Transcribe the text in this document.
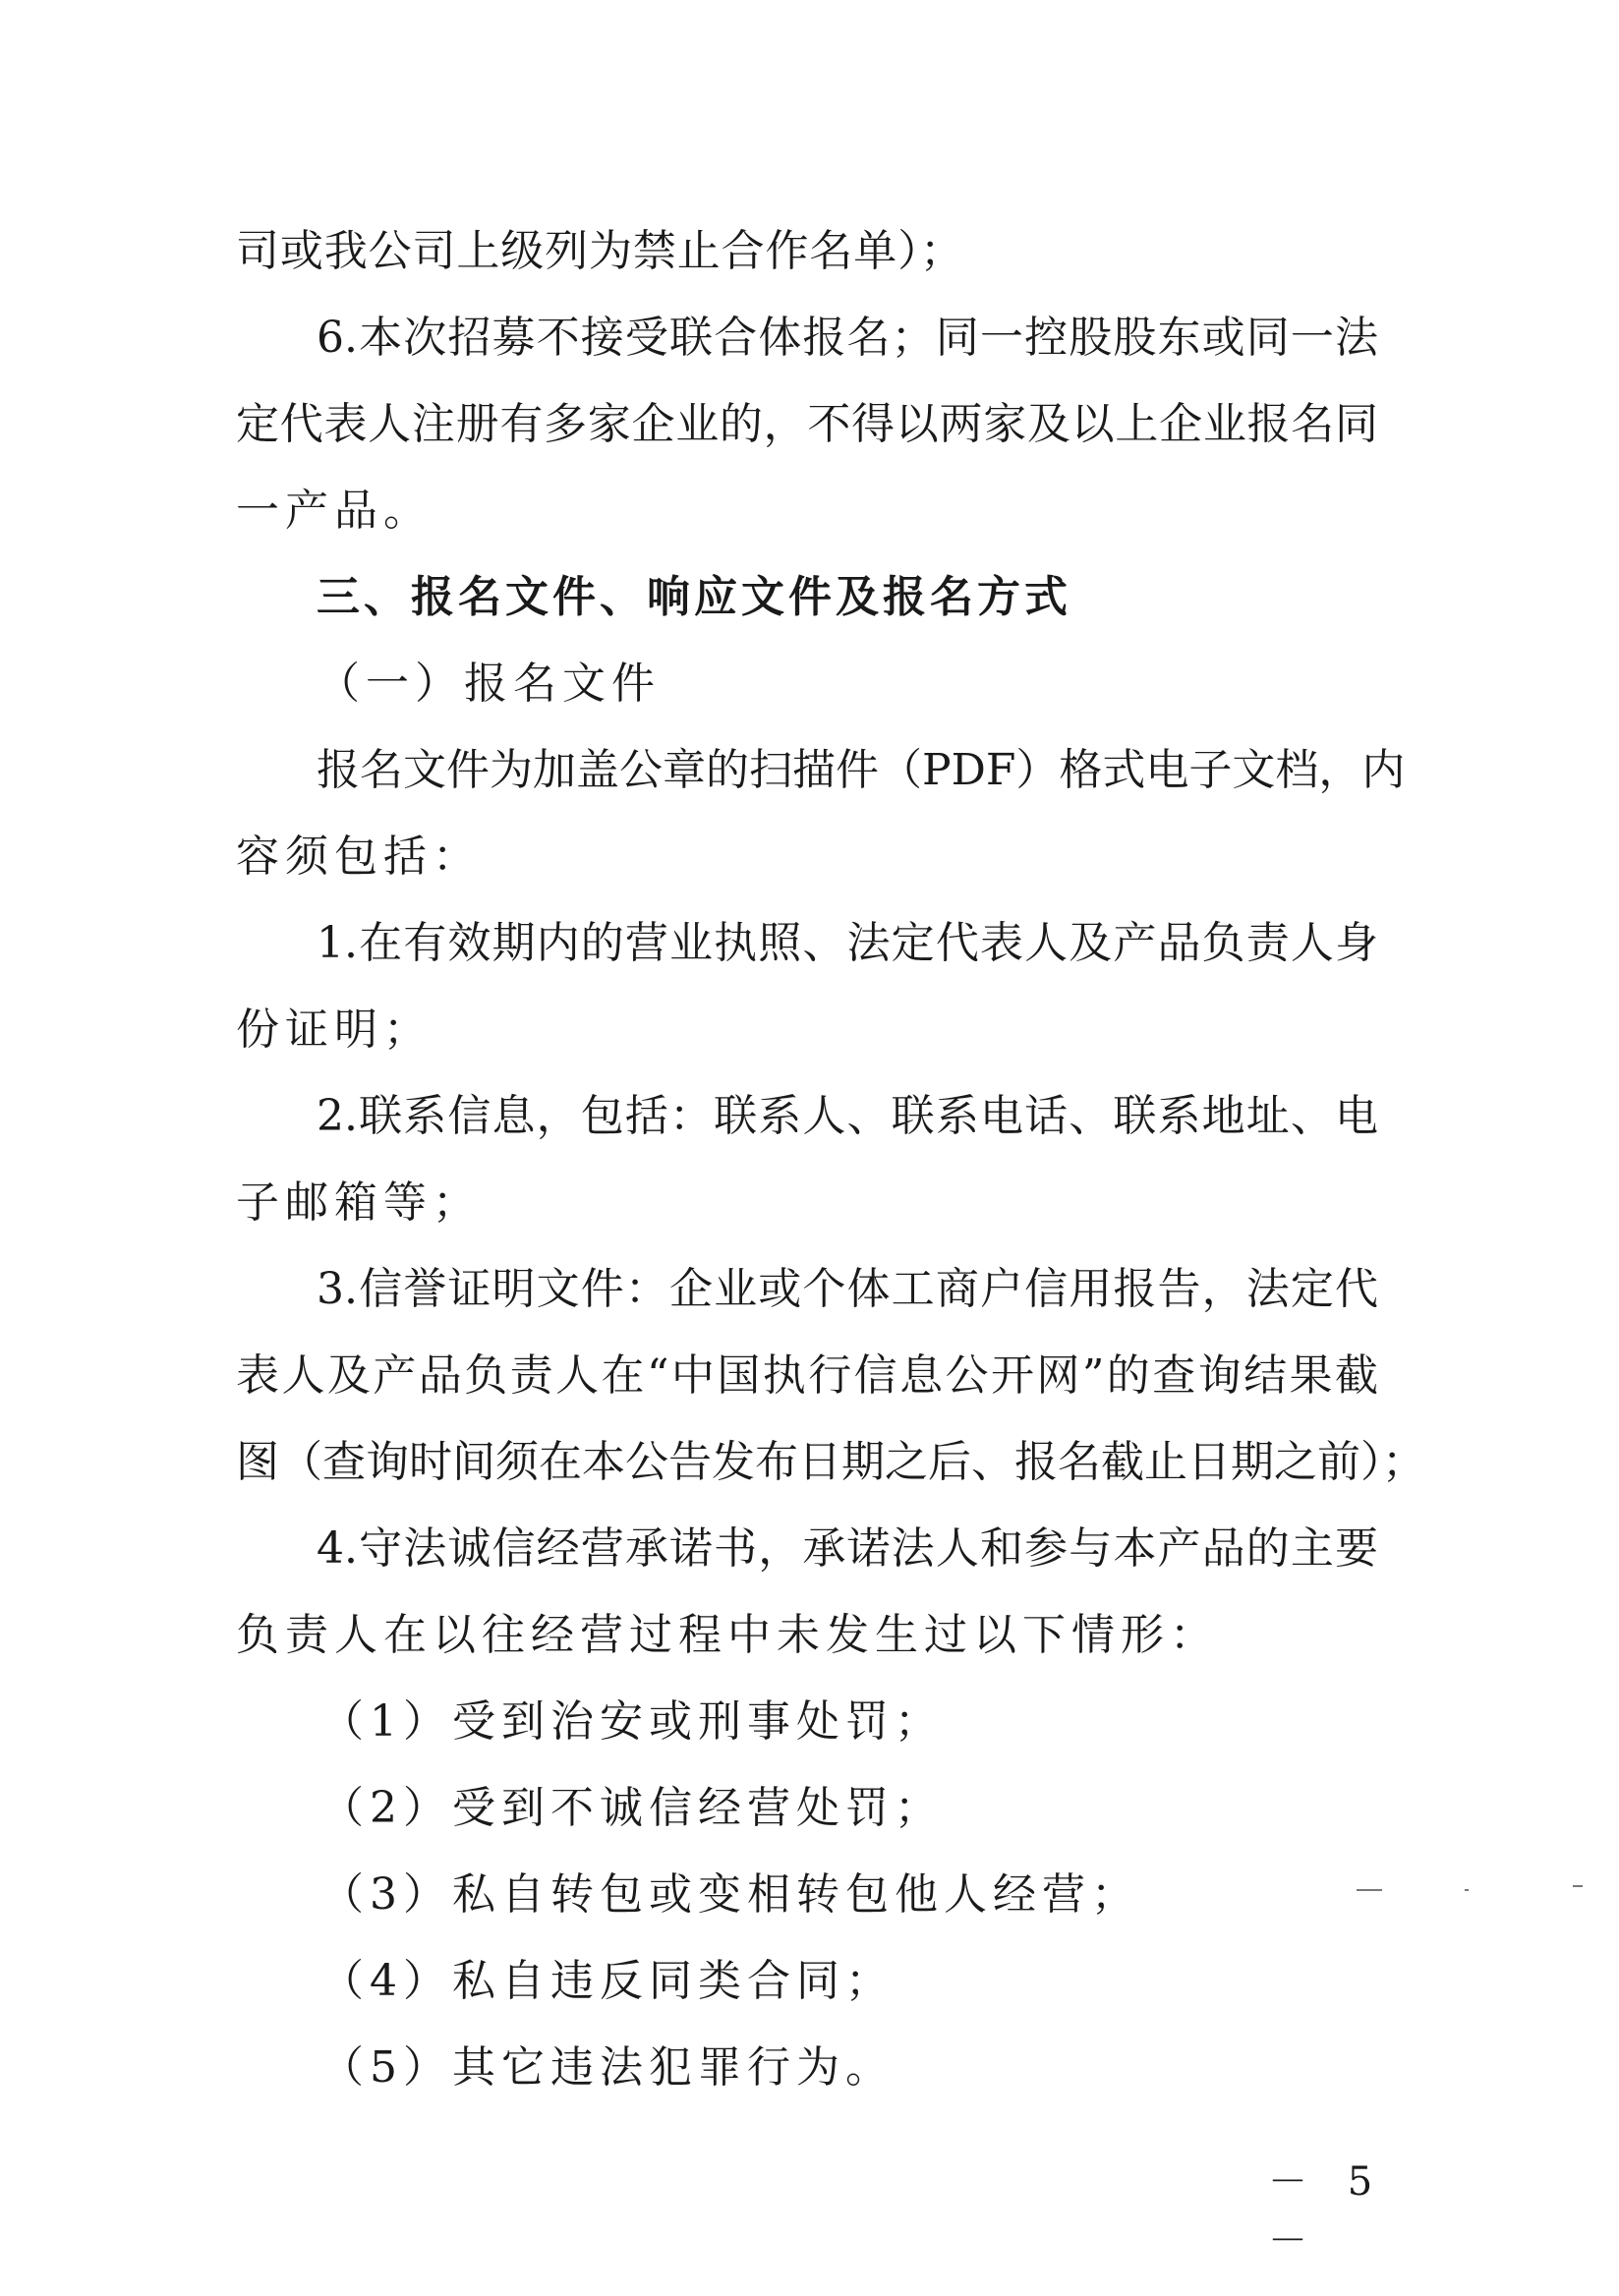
司或我公司上级列为禁止合作名单）；
6.本次招募不接受联合体报名；同一控股股东或同一法
定代表人注册有多家企业的，不得以两家及以上企业报名同
一产品。
三、报名文件、响应文件及报名方式
（一）报名文件
报名文件为加盖公章的扫描件（PDF）格式电子文档，内
容须包括：
1.在有效期内的营业执照、法定代表人及产品负责人身
份证明；
2.联系信息，包括：联系人、联系电话、联系地址、电
子邮箱等；
3.信誉证明文件：企业或个体工商户信用报告，法定代
表人及产品负责人在“中国执行信息公开网”的查询结果截
图（查询时间须在本公告发布日期之后、报名截止日期之前）；
4.守法诚信经营承诺书，承诺法人和参与本产品的主要
负责人在以往经营过程中未发生过以下情形：
（1）受到治安或刑事处罚；
（2）受到不诚信经营处罚；
（3）私自转包或变相转包他人经营；
（4）私自违反同类合同；
（5）其它违法犯罪行为。
－ 5 －
